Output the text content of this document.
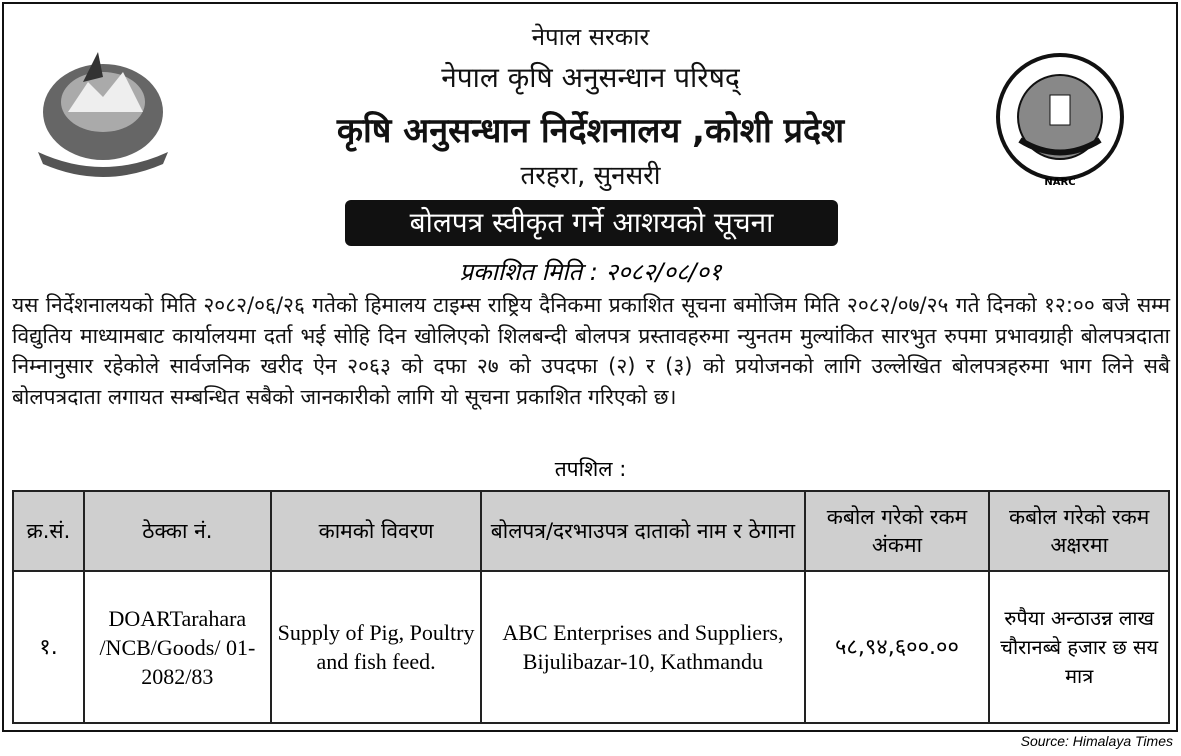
NARC
नेपाल सरकार
नेपाल कृषि अनुसन्धान परिषद्
कृषि अनुसन्धान निर्देशनालय ,कोशी प्रदेश
तरहरा, सुनसरी
बोलपत्र स्वीकृत गर्ने आशयको सूचना
प्रकाशित मिति : २०८२/०८/०१
यस निर्देशनालयको मिति २०८२/०६/२६ गतेको हिमालय टाइम्स राष्ट्रिय दैनिकमा प्रकाशित सूचना बमोजिम मिति २०८२/०७/२५ गते दिनको १२:०० बजे सम्म विद्युतिय माध्यामबाट कार्यालयमा दर्ता भई सोहि दिन खोलिएको शिलबन्दी बोलपत्र प्रस्तावहरुमा न्युनतम मुल्यांकित सारभुत रुपमा प्रभावग्राही बोलपत्रदाता निम्नानुसार रहेकोले सार्वजनिक खरीद ऐन २०६३ को दफा २७ को उपदफा (२) र (३) को प्रयोजनको लागि उल्लेखित बोलपत्रहरुमा भाग लिने सबै बोलपत्रदाता लगायत सम्बन्धित सबैको जानकारीको लागि यो सूचना प्रकाशित गरिएको छ।
तपशिल :
क्र.सं.	ठेक्का नं.	कामको विवरण	बोलपत्र/दरभाउपत्र दाताको नाम र ठेगाना	कबोल गरेको रकम अंकमा	कबोल गरेको रकम अक्षरमा
१.	DOARTarahara /NCB/Goods/ 01-2082/83	Supply of Pig, Poultry and fish feed.	ABC Enterprises and Suppliers, Bijulibazar-10, Kathmandu	५८,९४,६००.००	रुपैया अन्ठाउन्न लाख चौरानब्बे हजार छ सय मात्र
Source: Himalaya Times
